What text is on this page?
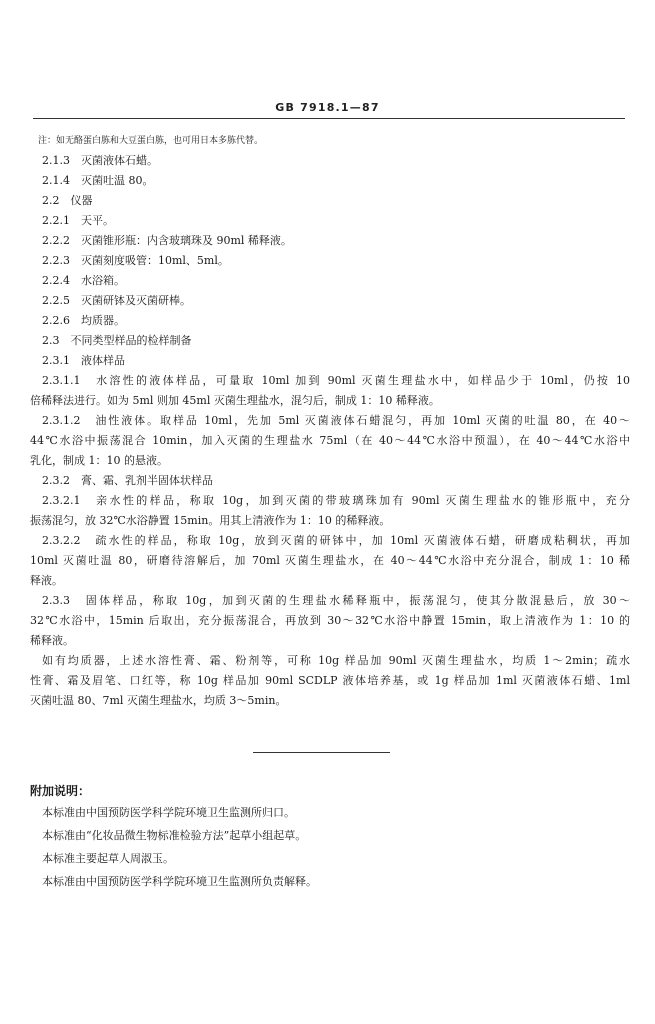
GB 7918.1—87
注：如无酪蛋白胨和大豆蛋白胨，也可用日本多胨代替。
2.1.3　灭菌液体石蜡。
2.1.4　灭菌吐温 80。
2.2　仪器
2.2.1　天平。
2.2.2　灭菌锥形瓶：内含玻璃珠及 90ml 稀释液。
2.2.3　灭菌刻度吸管：10ml、5ml。
2.2.4　水浴箱。
2.2.5　灭菌研钵及灭菌研棒。
2.2.6　均质器。
2.3　不同类型样品的检样制备
2.3.1　液体样品
2.3.1.1　水溶性的液体样品，可量取 10ml 加到 90ml 灭菌生理盐水中，如样品少于 10ml，仍按 10
倍稀释法进行。如为 5ml 则加 45ml 灭菌生理盐水，混匀后，制成 1：10 稀释液。
2.3.1.2　油性液体。取样品 10ml，先加 5ml 灭菌液体石蜡混匀，再加 10ml 灭菌的吐温 80，在 40～
44℃水浴中振荡混合 10min，加入灭菌的生理盐水 75ml（在 40～44℃水浴中预温），在 40～44℃水浴中
乳化，制成 1：10 的悬液。
2.3.2　膏、霜、乳剂半固体状样品
2.3.2.1　亲水性的样品，称取 10g，加到灭菌的带玻璃珠加有 90ml 灭菌生理盐水的锥形瓶中，充分
振荡混匀，放 32℃水浴静置 15min。用其上清液作为 1：10 的稀释液。
2.3.2.2　疏水性的样品，称取 10g，放到灭菌的研钵中，加 10ml 灭菌液体石蜡，研磨成粘稠状，再加
10ml 灭菌吐温 80，研磨待溶解后，加 70ml 灭菌生理盐水，在 40～44℃水浴中充分混合，制成 1：10 稀
释液。
2.3.3　固体样品，称取 10g，加到灭菌的生理盐水稀释瓶中，振荡混匀，使其分散混悬后，放 30～
32℃水浴中，15min 后取出，充分振荡混合，再放到 30～32℃水浴中静置 15min，取上清液作为 1：10 的
稀释液。
如有均质器，上述水溶性膏、霜、粉剂等，可称 10g 样品加 90ml 灭菌生理盐水，均质 1～2min；疏水
性膏、霜及眉笔、口红等，称 10g 样品加 90ml SCDLP 液体培养基，或 1g 样品加 1ml 灭菌液体石蜡、1ml
灭菌吐温 80、7ml 灭菌生理盐水，均质 3～5min。
附加说明：
本标准由中国预防医学科学院环境卫生监测所归口。
本标准由“化妆品微生物标准检验方法”起草小组起草。
本标准主要起草人周淑玉。
本标准由中国预防医学科学院环境卫生监测所负责解释。
